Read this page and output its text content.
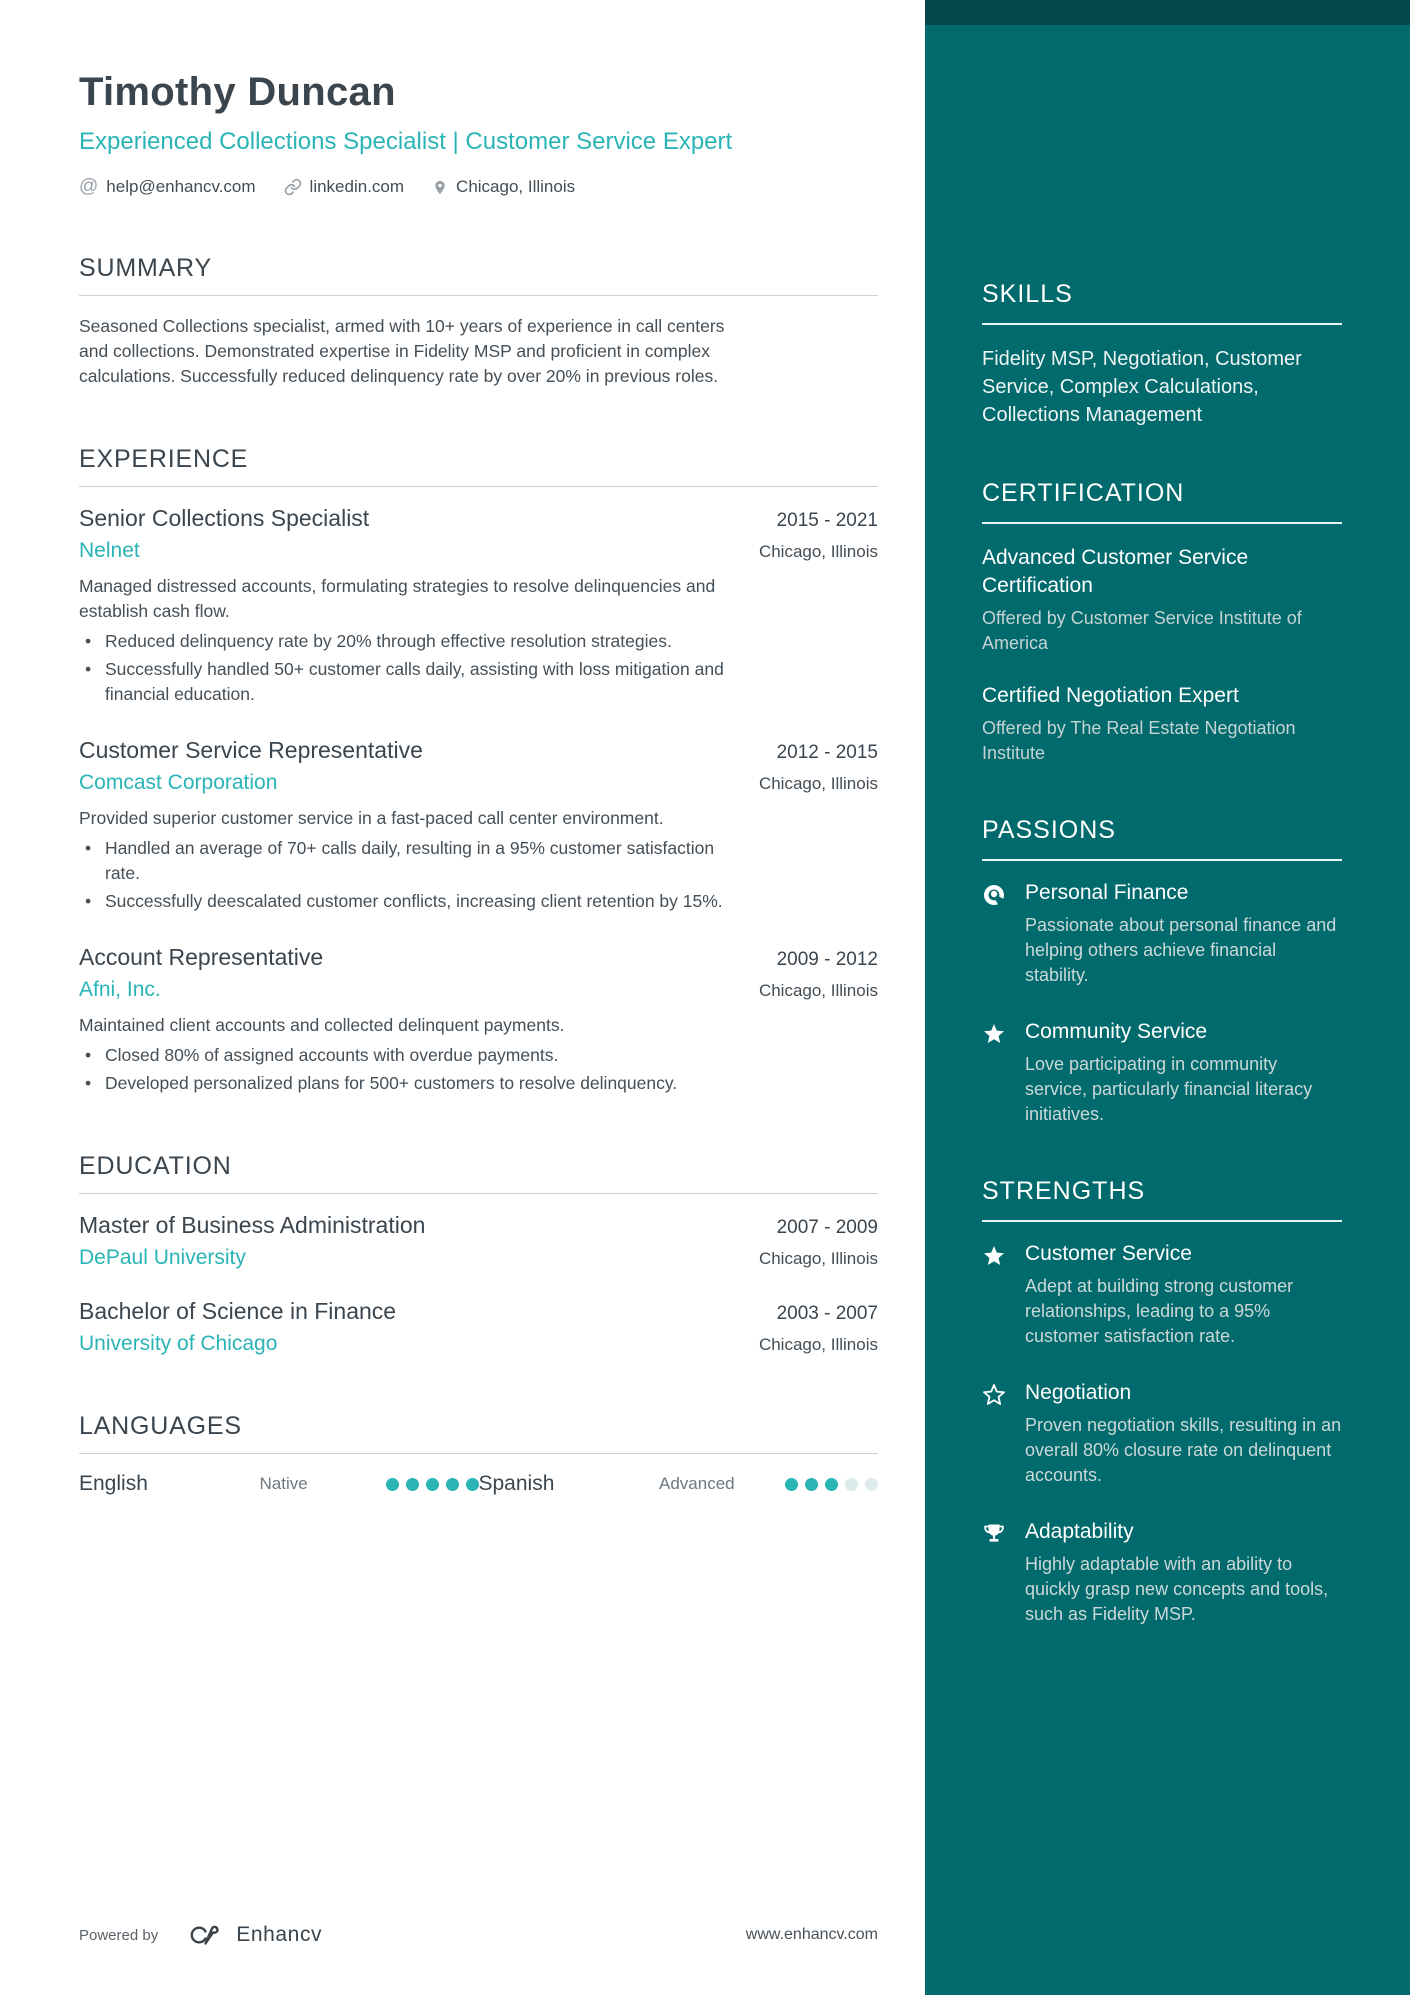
Timothy Duncan
Experienced Collections Specialist | Customer Service Expert
@ help@enhancv.com	linkedin.com	Chicago, Illinois
SUMMARY

Seasoned Collections specialist, armed with 10+ years of experience in call centers and collections. Demonstrated expertise in Fidelity MSP and proficient in complex calculations. Successfully reduced delinquency rate by over 20% in previous roles.

EXPERIENCE
Senior Collections Specialist	2015 - 2021
Nelnet	Chicago, Illinois

Managed distressed accounts, formulating strategies to resolve delinquencies and establish cash flow.

• Reduced delinquency rate by 20% through effective resolution strategies.
• Successfully handled 50+ customer calls daily, assisting with loss mitigation and financial education.
Customer Service Representative	2012 - 2015
Comcast Corporation	Chicago, Illinois

Provided superior customer service in a fast-paced call center environment.

• Handled an average of 70+ calls daily, resulting in a 95% customer satisfaction rate.
• Successfully deescalated customer conflicts, increasing client retention by 15%.
Account Representative	2009 - 2012
Afni, Inc.	Chicago, Illinois

Maintained client accounts and collected delinquent payments.

• Closed 80% of assigned accounts with overdue payments.
• Developed personalized plans for 500+ customers to resolve delinquency.
EDUCATION
Master of Business Administration	2007 - 2009
DePaul University	Chicago, Illinois
Bachelor of Science in Finance	2003 - 2007
University of Chicago	Chicago, Illinois
LANGUAGES
English	Native	Spanish	Advanced
Powered by	Enhancv	www.enhancv.com
SKILLS
Fidelity MSP, Negotiation, Customer Service, Complex Calculations, Collections Management
CERTIFICATION
Advanced Customer Service Certification
Offered by Customer Service Institute of America
Certified Negotiation Expert
Offered by The Real Estate Negotiation Institute
PASSIONS
Personal Finance
Passionate about personal finance and helping others achieve financial stability.
Community Service
Love participating in community service, particularly financial literacy initiatives.
STRENGTHS
Customer Service
Adept at building strong customer relationships, leading to a 95% customer satisfaction rate.
Negotiation
Proven negotiation skills, resulting in an overall 80% closure rate on delinquent accounts.
Adaptability
Highly adaptable with an ability to quickly grasp new concepts and tools, such as Fidelity MSP.
